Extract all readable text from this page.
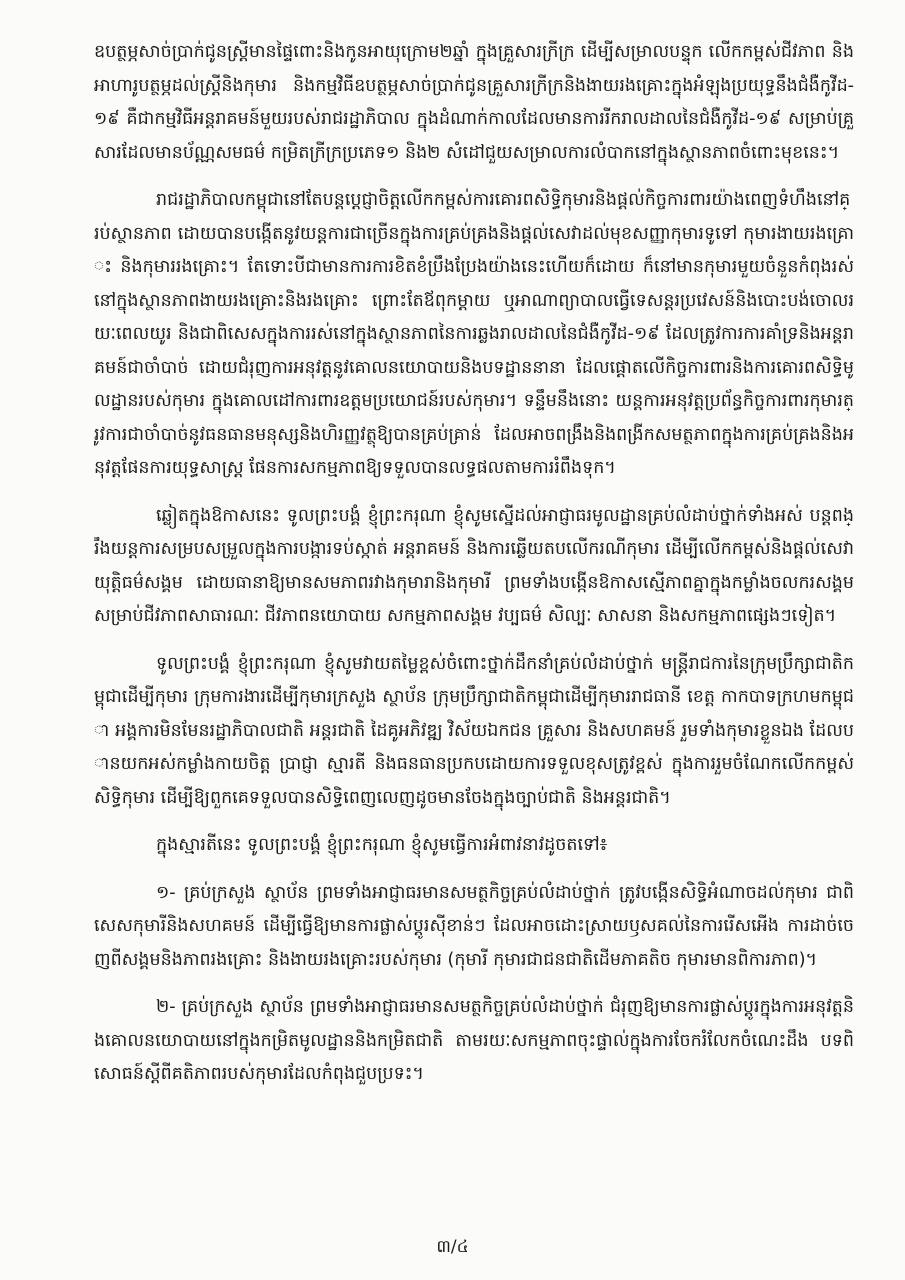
ឧបត្ថម្ភសាច់ប្រាក់ជូនស្ត្រីមានផ្ទៃពោះនិងកូនអាយុក្រោម២ឆ្នាំ ក្នុងគ្រួសារក្រីក្រ ដើម្បីសម្រាលបន្ទុក លើកកម្ពស់ជីវភាព និងអាហារូបត្ថម្ភដល់ស្ត្រីនិងកុមារ និងកម្មវិធីឧបត្ថម្ភសាច់ប្រាក់ជូនគ្រួសារក្រីក្រនិងងាយរងគ្រោះក្នុងអំឡុងប្រយុទ្ធនឹងជំងឺកូវីដ-១៩ គឺជាកម្មវិធីអន្តរាគមន៍មួយរបស់រាជរដ្ឋាភិបាល ក្នុងដំណាក់កាលដែលមានការរីករាលដាលនៃជំងឺកូវីដ-១៩ សម្រាប់គ្រួសារដែលមានប័ណ្ណសមធម៌ កម្រិតក្រីក្រប្រភេទ១ និង២ សំដៅជួយសម្រាលការលំបាកនៅក្នុងស្ថានភាពចំពោះមុខនេះ។

រាជរដ្ឋាភិបាលកម្ពុជានៅតែបន្តប្តេជ្ញាចិត្តលើកកម្ពស់ការគោរពសិទ្ធិកុមារនិងផ្តល់កិច្ចការពារយ៉ាងពេញទំហឹងនៅគ្រប់ស្ថានភាព ដោយបានបង្កើតនូវយន្តការជាច្រើនក្នុងការគ្រប់គ្រងនិងផ្តល់សេវាដល់មុខសញ្ញាកុមារទូទៅ កុមារងាយរងគ្រោះ និងកុមាររងគ្រោះ។ តែទោះបីជាមានការការខិតខំប្រឹងប្រែងយ៉ាងនេះហើយក៏ដោយ ក៏នៅមានកុមារមួយចំនួនកំពុងរស់នៅក្នុងស្ថានភាពងាយរងគ្រោះនិងរងគ្រោះ ព្រោះតែឪពុកម្ដាយ ឬអាណាព្យាបាលធ្វើទេសន្តរប្រវេសន៍និងបោះបង់ចោលរយៈពេលយូរ និងជាពិសេសក្នុងការរស់នៅក្នុងស្ថានភាពនៃការឆ្លងរាលដាលនៃជំងឺកូវីដ-១៩ ដែលត្រូវការការគាំទ្រនិងអន្តរាគមន៍ជាចាំបាច់ ដោយជំរុញការអនុវត្តនូវគោលនយោបាយនិងបទដ្ឋាននានា ដែលផ្តោតលើកិច្ចការពារនិងការគោរពសិទ្ធិមូលដ្ឋានរបស់កុមារ ក្នុងគោលដៅការពារឧត្តមប្រយោជន៍របស់កុមារ។ ទន្ទឹមនឹងនោះ យន្តការអនុវត្តប្រព័ន្ធកិច្ចការពារកុមារត្រូវការជាចាំបាច់នូវធនធានមនុស្សនិងហិរញ្ញវត្ថុឱ្យបានគ្រប់គ្រាន់ ដែលអាចពង្រឹងនិងពង្រីកសមត្ថភាពក្នុងការគ្រប់គ្រងនិងអនុវត្តផែនការយុទ្ធសាស្ត្រ ផែនការសកម្មភាពឱ្យទទួលបានលទ្ធផលតាមការរំពឹងទុក។

ឆ្លៀតក្នុងឱកាសនេះ ទូលព្រះបង្គំ ខ្ញុំព្រះករុណា ខ្ញុំសូមស្នើដល់អាជ្ញាធរមូលដ្ឋានគ្រប់លំដាប់ថ្នាក់ទាំងអស់ បន្តពង្រឹងយន្តការសម្របសម្រួលក្នុងការបង្ការទប់ស្កាត់ អន្តរាគមន៍ និងការឆ្លើយតបលើករណីកុមារ ដើម្បីលើកកម្ពស់និងផ្តល់សេវាយុត្តិធម៌សង្គម ដោយធានាឱ្យមានសមភាពរវាងកុមារានិងកុមារី ព្រមទាំងបង្កើនឱកាសស្មើភាពគ្នាក្នុងកម្លាំងចលករសង្គម សម្រាប់ជីវភាពសាធារណៈ ជីវភាពនយោបាយ សកម្មភាពសង្គម វប្បធម៌ សិល្បៈ សាសនា និងសកម្មភាពផ្សេងៗទៀត។

ទូលព្រះបង្គំ ខ្ញុំព្រះករុណា ខ្ញុំសូមវាយតម្លៃខ្ពស់ចំពោះថ្នាក់ដឹកនាំគ្រប់លំដាប់ថ្នាក់ មន្ត្រីរាជការនៃក្រុមប្រឹក្សាជាតិកម្ពុជាដើម្បីកុមារ ក្រុមការងារដើម្បីកុមារក្រសួង ស្ថាប័ន ក្រុមប្រឹក្សាជាតិកម្ពុជាដើម្បីកុមាររាជធានី ខេត្ត កាកបាទក្រហមកម្ពុជា អង្គការមិនមែនរដ្ឋាភិបាលជាតិ អន្តរជាតិ ដៃគូអភិវឌ្ឍ វិស័យឯកជន គ្រួសារ និងសហគមន៍ រួមទាំងកុមារខ្លួនឯង ដែលបានយកអស់កម្លាំងកាយចិត្ត ប្រាជ្ញា ស្មារតី និងធនធានប្រកបដោយការទទួលខុសត្រូវខ្ពស់ ក្នុងការរួមចំណែកលើកកម្ពស់សិទ្ធិកុមារ ដើម្បីឱ្យពួកគេទទួលបានសិទ្ធិពេញលេញដូចមានចែងក្នុងច្បាប់ជាតិ និងអន្តរជាតិ។

ក្នុងស្មារតីនេះ ទូលព្រះបង្គំ ខ្ញុំព្រះករុណា ខ្ញុំសូមធ្វើការអំពាវនាវដូចតទៅ៖

១- គ្រប់ក្រសួង ស្ថាប័ន ព្រមទាំងអាជ្ញាធរមានសមត្ថកិច្ចគ្រប់លំដាប់ថ្នាក់ ត្រូវបង្កើនសិទ្ធិអំណាចដល់កុមារ ជាពិសេសកុមារីនិងសហគមន៍ ដើម្បីធ្វើឱ្យមានការផ្លាស់ប្តូរស៊ីខាន់ៗ ដែលអាចដោះស្រាយឫសគល់នៃការរើសអើង ការដាច់ចេញពីសង្គមនិងភាពរងគ្រោះ និងងាយរងគ្រោះរបស់កុមារ (កុមារី កុមារជាជនជាតិដើមភាគតិច កុមារមានពិការភាព)។

២- គ្រប់ក្រសួង ស្ថាប័ន ព្រមទាំងអាជ្ញាធរមានសមត្ថកិច្ចគ្រប់លំដាប់ថ្នាក់ ជំរុញឱ្យមានការផ្លាស់ប្តូរក្នុងការអនុវត្តនិងគោលនយោបាយនៅក្នុងកម្រិតមូលដ្ឋាននិងកម្រិតជាតិ តាមរយៈសកម្មភាពចុះផ្ទាល់ក្នុងការចែករំលែកចំណេះដឹង បទពិសោធន៍ស្តីពីគតិភាពរបស់កុមារដែលកំពុងជួបប្រទះ។

៣/៤
